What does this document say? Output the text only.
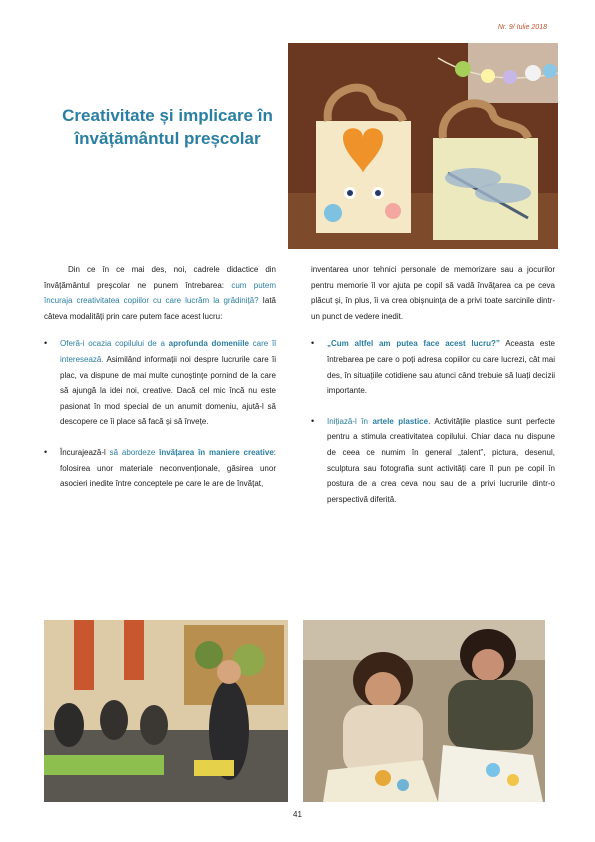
Nr. 9/ Iulie 2018
Creativitate și implicare în învățământul preșcolar

Din ce în ce mai des, noi, cadrele didactice din învățământul preșcolar ne punem întrebarea: cum putem încuraja creativitatea copiilor cu care lucrăm la grădiniță? Iată câteva modalități prin care putem face acest lucru:

• Oferă-i ocazia copilului de a aprofunda domeniile care îl interesează. Asimilând informații noi despre lucrurile care îi plac, va dispune de mai multe cunoștințe pornind de la care să ajungă la idei noi, creative. Dacă cel mic încă nu este pasionat în mod special de un anumit domeniu, ajută-l să descopere ce îi place să facă și să învețe.
• Încurajează-l să abordeze învățarea în maniere creative: folosirea unor materiale neconvenționale, găsirea unor asocieri inedite între conceptele pe care le are de învățat,

inventarea unor tehnici personale de memorizare sau a jocurilor pentru memorie îl vor ajuta pe copil să vadă învățarea ca pe ceva plăcut și, în plus, îi va crea obișnuința de a privi toate sarcinile dintr-un punct de vedere inedit.

• „Cum altfel am putea face acest lucru?” Aceasta este întrebarea pe care o poți adresa copiilor cu care lucrezi, cât mai des, în situațiile cotidiene sau atunci când trebuie să luați decizii importante.
• Inițiază-l în artele plastice. Activitățile plastice sunt perfecte pentru a stimula creativitatea copilului. Chiar daca nu dispune de ceea ce numim în general „talent”, pictura, desenul, sculptura sau fotografia sunt activități care îl pun pe copil în postura de a crea ceva nou sau de a privi lucrurile dintr-o perspectivă diferită.
41
